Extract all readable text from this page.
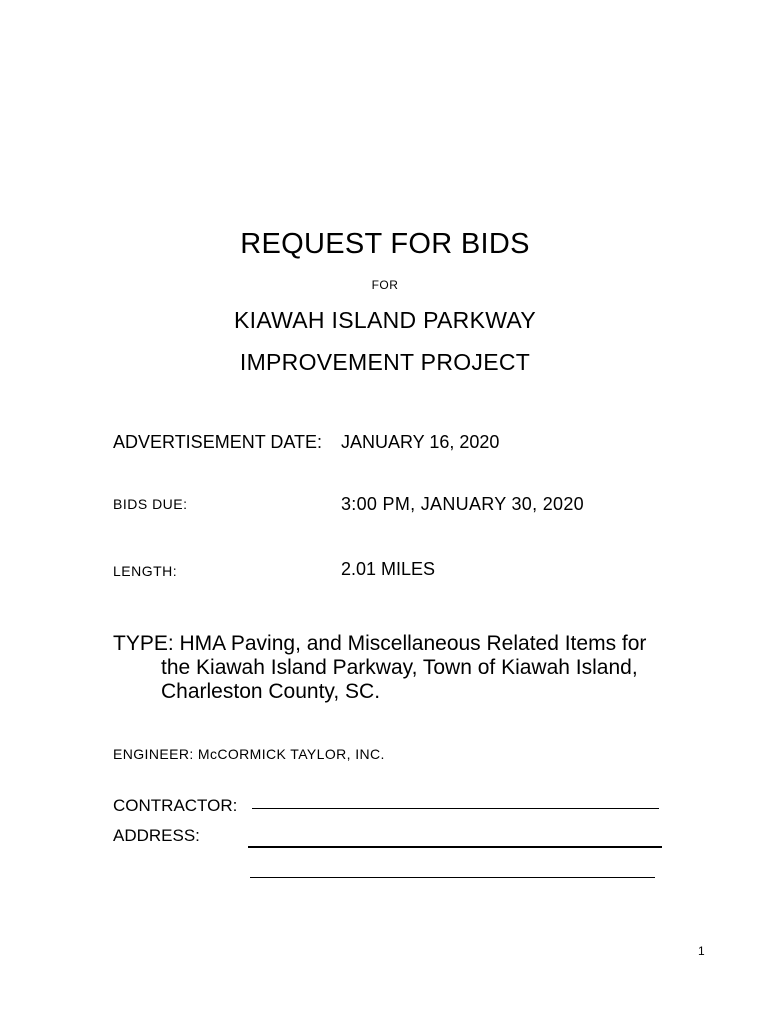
REQUEST FOR BIDS
FOR
KIAWAH ISLAND PARKWAY
IMPROVEMENT PROJECT
ADVERTISEMENT DATE: JANUARY 16, 2020
BIDS DUE:	3:00 PM, JANUARY 30, 2020
LENGTH:	2.01 MILES
TYPE: HMA Paving, and Miscellaneous Related Items for
the Kiawah Island Parkway, Town of Kiawah Island,
Charleston County, SC.
ENGINEER: McCORMICK TAYLOR, INC.
CONTRACTOR:
ADDRESS:
1
